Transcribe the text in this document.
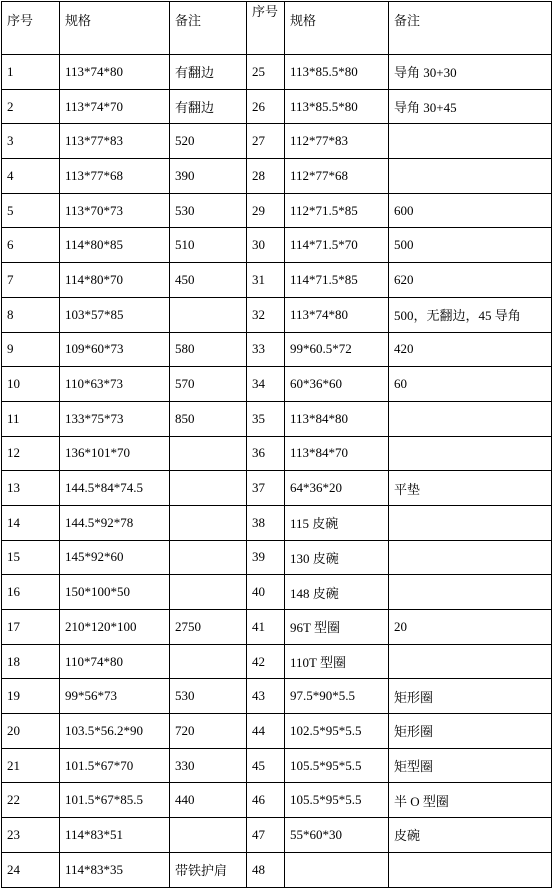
序号	规格	备注	序号	规格	备注
1	113*74*80	有翻边	25	113*85.5*80	导角 30+30
2	113*74*70	有翻边	26	113*85.5*80	导角 30+45
3	113*77*83	520	27	112*77*83	
4	113*77*68	390	28	112*77*68	
5	113*70*73	530	29	112*71.5*85	600
6	114*80*85	510	30	114*71.5*70	500
7	114*80*70	450	31	114*71.5*85	620
8	103*57*85		32	113*74*80	500，无翻边，45 导角
9	109*60*73	580	33	99*60.5*72	420
10	110*63*73	570	34	60*36*60	60
11	133*75*73	850	35	113*84*80	
12	136*101*70		36	113*84*70	
13	144.5*84*74.5		37	64*36*20	平垫
14	144.5*92*78		38	115 皮碗	
15	145*92*60		39	130 皮碗	
16	150*100*50		40	148 皮碗	
17	210*120*100	2750	41	96T 型圈	20
18	110*74*80		42	110T 型圈	
19	99*56*73	530	43	97.5*90*5.5	矩形圈
20	103.5*56.2*90	720	44	102.5*95*5.5	矩形圈
21	101.5*67*70	330	45	105.5*95*5.5	矩型圈
22	101.5*67*85.5	440	46	105.5*95*5.5	半 O 型圈
23	114*83*51		47	55*60*30	皮碗
24	114*83*35	带铁护肩	48		
